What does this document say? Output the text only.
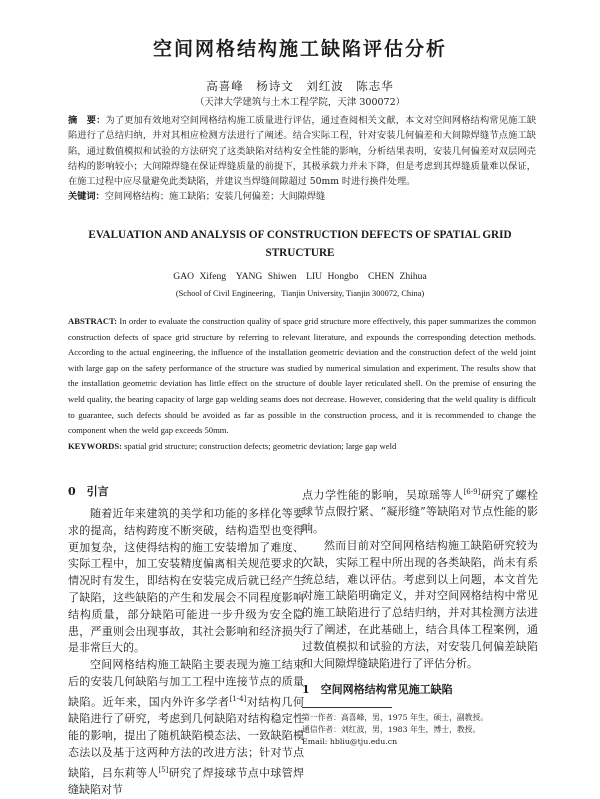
空间网格结构施工缺陷评估分析
高喜峰　杨诗文　刘红波　陈志华
（天津大学建筑与土木工程学院，天津 300072）
摘　要：为了更加有效地对空间网格结构施工质量进行评估，通过查阅相关文献，本文对空间网格结构常见施工缺陷进行了总结归纳，并对其相应检测方法进行了阐述。结合实际工程，针对安装几何偏差和大间隙焊缝节点施工缺陷，通过数值模拟和试验的方法研究了这类缺陷对结构安全性能的影响，分析结果表明，安装几何偏差对双层网壳结构的影响较小；大间隙焊缝在保证焊缝质量的前提下，其极承载力并未下降，但是考虑到其焊缝质量难以保证，在施工过程中应尽量避免此类缺陷，并建议当焊缝间隙超过 50mm 时进行换件处理。
关键词：空间网格结构；施工缺陷；安装几何偏差；大间隙焊缝
EVALUATION AND ANALYSIS OF CONSTRUCTION DEFECTS OF SPATIAL GRID
STRUCTURE
GAO Xifeng　YANG Shiwen　LIU Hongbo　CHEN Zhihua
(School of Civil Engineering，Tianjin University, Tianjin 300072, China)
ABSTRACT: In order to evaluate the construction quality of space grid structure more effectively, this paper summarizes the common construction defects of space grid structure by referring to relevant literature, and expounds the corresponding detection methods. According to the actual engineering, the influence of the installation geometric deviation and the construction defect of the weld joint with large gap on the safety performance of the structure was studied by numerical simulation and experiment. The results show that the installation geometric deviation has little effect on the structure of double layer reticulated shell. On the premise of ensuring the weld quality, the bearing capacity of large gap welding seams does not decrease. However, considering that the weld quality is difficult to guarantee, such defects should be avoided as far as possible in the construction process, and it is recommended to change the component when the weld gap exceeds 50mm.
KEYWORDS: spatial grid structure; construction defects; geometric deviation; large gap weld
0　引言

随着近年来建筑的美学和功能的多样化等要求的提高，结构跨度不断突破，结构造型也变得更加复杂，这使得结构的施工安装增加了难度、实际工程中，加工安装精度偏离相关规范要求的情况时有发生，即结构在安装完成后就已经产生了缺陷，这些缺陷的产生和发展会不同程度影响结构质量，部分缺陷可能进一步升级为安全隐患，严重则会出现事故，其社会影响和经济损失是非常巨大的。

空间网格结构施工缺陷主要表现为施工结束后的安装几何缺陷与加工工程中连接节点的质量缺陷。近年来，国内外许多学者[1-4]对结构几何缺陷进行了研究，考虑到几何缺陷对结构稳定性能的影响，提出了随机缺陷模态法、一致缺陷模态法以及基于这两种方法的改进方法；针对节点缺陷，吕东莉等人[5]研究了焊接球节点中球管焊缝缺陷对节

点力学性能的影响，吴琼瑶等人[6-9]研究了螺栓球节点假拧紧、“凝形缝”等缺陷对节点性能的影响。

然而目前对空间网格结构施工缺陷研究较为欠缺，实际工程中所出现的各类缺陷，尚未有系统总结，难以评估。考虑到以上问题，本文首先对施工缺陷明确定义，并对空间网格结构中常见的施工缺陷进行了总结归纳，并对其检测方法进行了阐述，在此基础上，结合具体工程案例，通过数值模拟和试验的方法，对安装几何偏差缺陷和大间隙焊缝缺陷进行了评估分析。

1　空间网格结构常见施工缺陷

第一作者：高喜峰，男，1975 年生，硕士，副教授。

通信作者：刘红波，男，1983 年生，博士，教授。

Email: hbliu@tju.edu.cn
